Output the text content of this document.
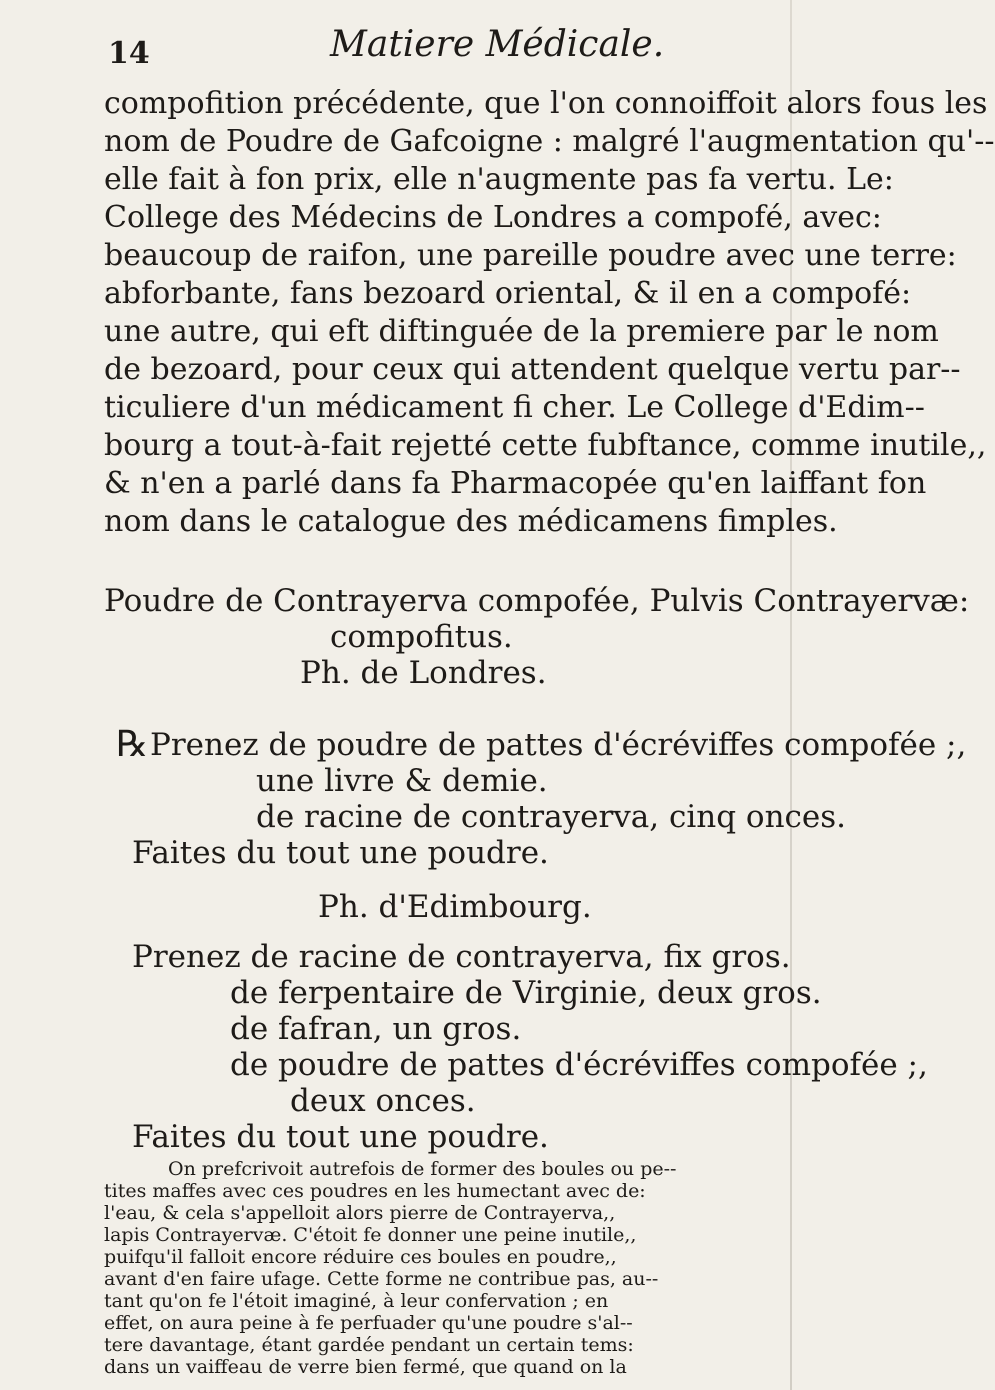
14	Matiere Médicale.
compofition précédente, que l'on connoiffoit alors fous les
nom de Poudre de Gafcoigne : malgré l'augmentation qu'--
elle fait à fon prix, elle n'augmente pas fa vertu. Le:
College des Médecins de Londres a compofé, avec:
beaucoup de raifon, une pareille poudre avec une terre:
abforbante, fans bezoard oriental, & il en a compofé:
une autre, qui eft diftinguée de la premiere par le nom
de bezoard, pour ceux qui attendent quelque vertu par--
ticuliere d'un médicament fi cher. Le College d'Edim--
bourg a tout-à-fait rejetté cette fubftance, comme inutile,,
& n'en a parlé dans fa Pharmacopée qu'en laiffant fon
nom dans le catalogue des médicamens fimples.
Poudre de Contrayerva compofée, Pulvis Contrayervæ:
compofitus.
Ph. de Londres.
℞ Prenez de poudre de pattes d'écréviffes compofée ;,
une livre & demie.
de racine de contrayerva, cinq onces.
Faites du tout une poudre.
Ph. d'Edimbourg.
Prenez de racine de contrayerva, fix gros.
de ferpentaire de Virginie, deux gros.
de fafran, un gros.
de poudre de pattes d'écréviffes compofée ;,
deux onces.
Faites du tout une poudre.
On prefcrivoit autrefois de former des boules ou pe--
tites maffes avec ces poudres en les humectant avec de:
l'eau, & cela s'appelloit alors pierre de Contrayerva,,
lapis Contrayervæ. C'étoit fe donner une peine inutile,,
puifqu'il falloit encore réduire ces boules en poudre,,
avant d'en faire ufage. Cette forme ne contribue pas, au--
tant qu'on fe l'étoit imaginé, à leur confervation ; en
effet, on aura peine à fe perfuader qu'une poudre s'al--
tere davantage, étant gardée pendant un certain tems:
dans un vaiffeau de verre bien fermé, que quand on la
